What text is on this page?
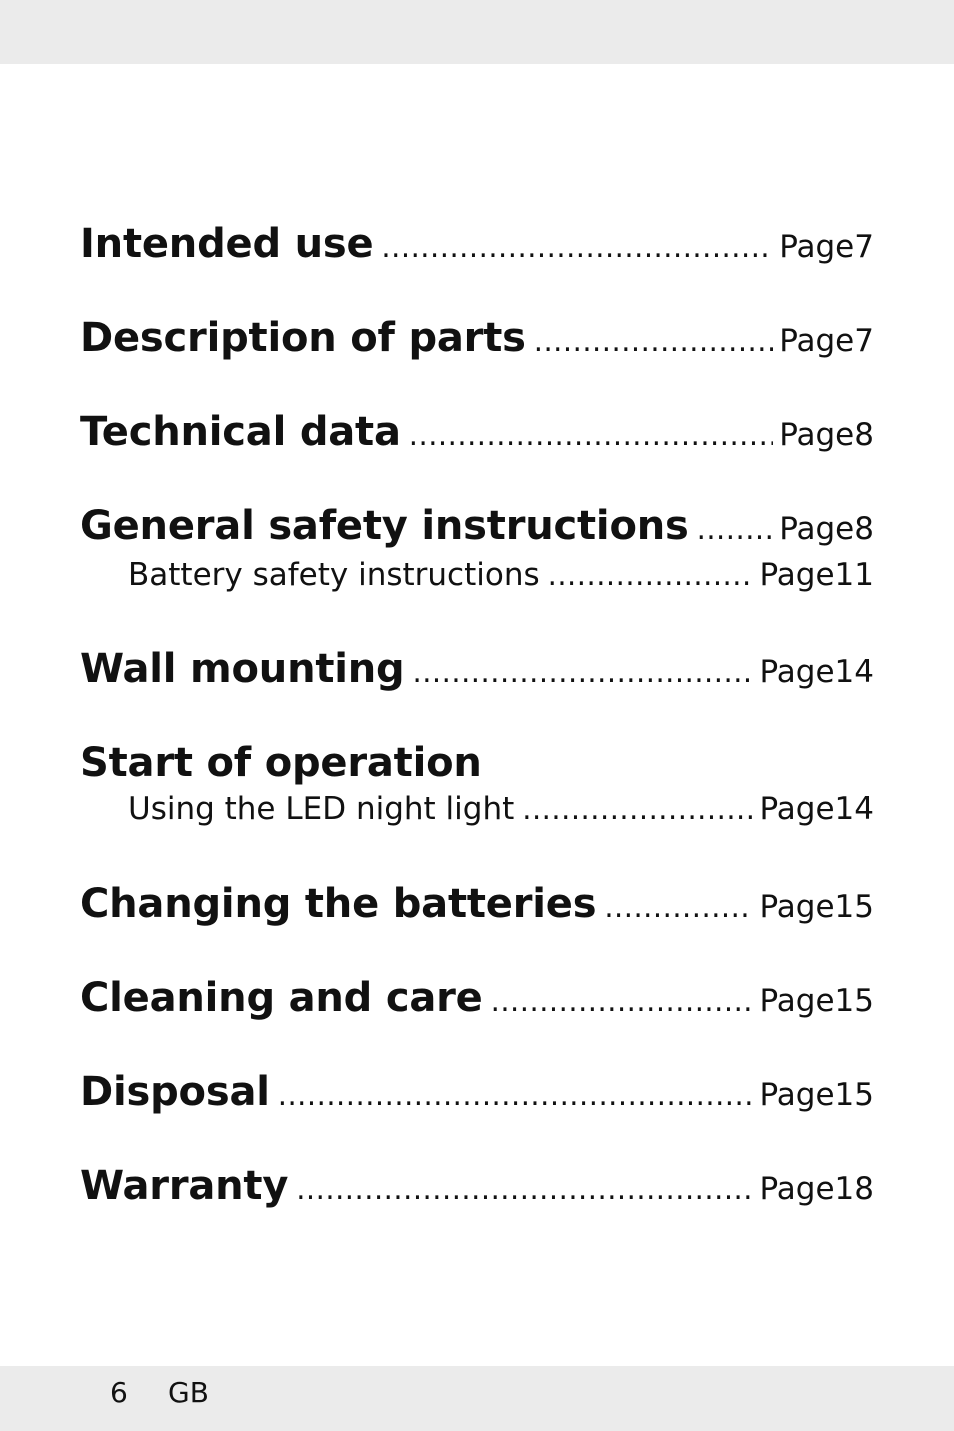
Intended use .....	Page 7
Description of parts .....	Page 7
Technical data .....	Page 8
General safety instructions .....	Page 8
Battery safety instructions .....	Page 11
Wall mounting .....	Page 14
Start of operation
Using the LED night light .....	Page 14
Changing the batteries .....	Page 15
Cleaning and care .....	Page 15
Disposal .....	Page 15
Warranty .....	Page 18
6 GB
